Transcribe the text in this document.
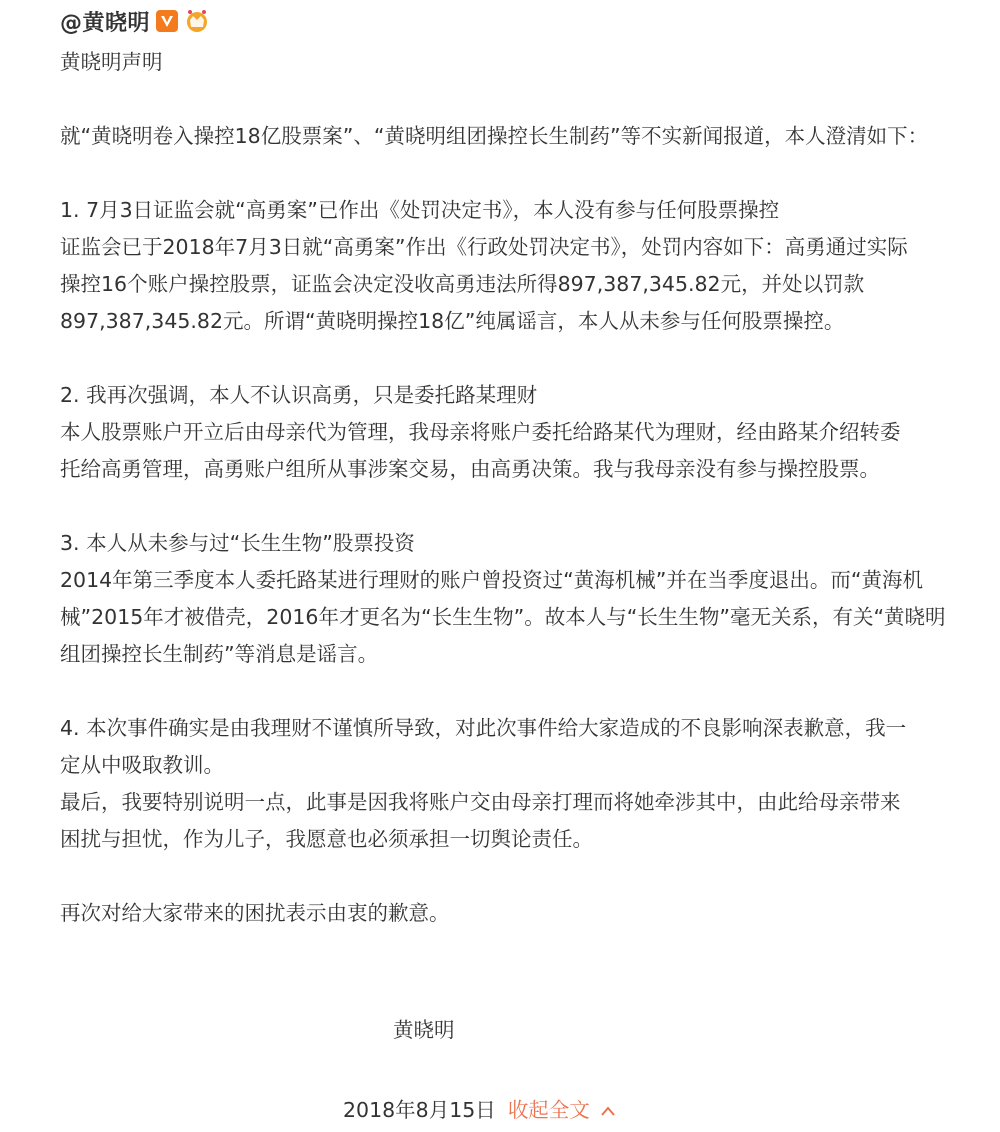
@黄晓明

黄晓明声明

就“黄晓明卷入操控18亿股票案”、“黄晓明组团操控长生制药”等不实新闻报道，本人澄清如下：

1. 7月3日证监会就“高勇案”已作出《处罚决定书》，本人没有参与任何股票操控

证监会已于2018年7月3日就“高勇案”作出《行政处罚决定书》，处罚内容如下：高勇通过实际

操控16个账户操控股票，证监会决定没收高勇违法所得897,387,345.82元，并处以罚款

897,387,345.82元。所谓“黄晓明操控18亿”纯属谣言，本人从未参与任何股票操控。

2. 我再次强调，本人不认识高勇，只是委托路某理财

本人股票账户开立后由母亲代为管理，我母亲将账户委托给路某代为理财，经由路某介绍转委

托给高勇管理，高勇账户组所从事涉案交易，由高勇决策。我与我母亲没有参与操控股票。

3. 本人从未参与过“长生生物”股票投资

2014年第三季度本人委托路某进行理财的账户曾投资过“黄海机械”并在当季度退出。而“黄海机

械”2015年才被借壳，2016年才更名为“长生生物”。故本人与“长生生物”毫无关系，有关“黄晓明

组团操控长生制药”等消息是谣言。

4. 本次事件确实是由我理财不谨慎所导致，对此次事件给大家造成的不良影响深表歉意，我一

定从中吸取教训。

最后，我要特别说明一点，此事是因我将账户交由母亲打理而将她牵涉其中，由此给母亲带来

困扰与担忧，作为儿子，我愿意也必须承担一切舆论责任。

再次对给大家带来的困扰表示由衷的歉意。

黄晓明
2018年8月15日 收起全文
